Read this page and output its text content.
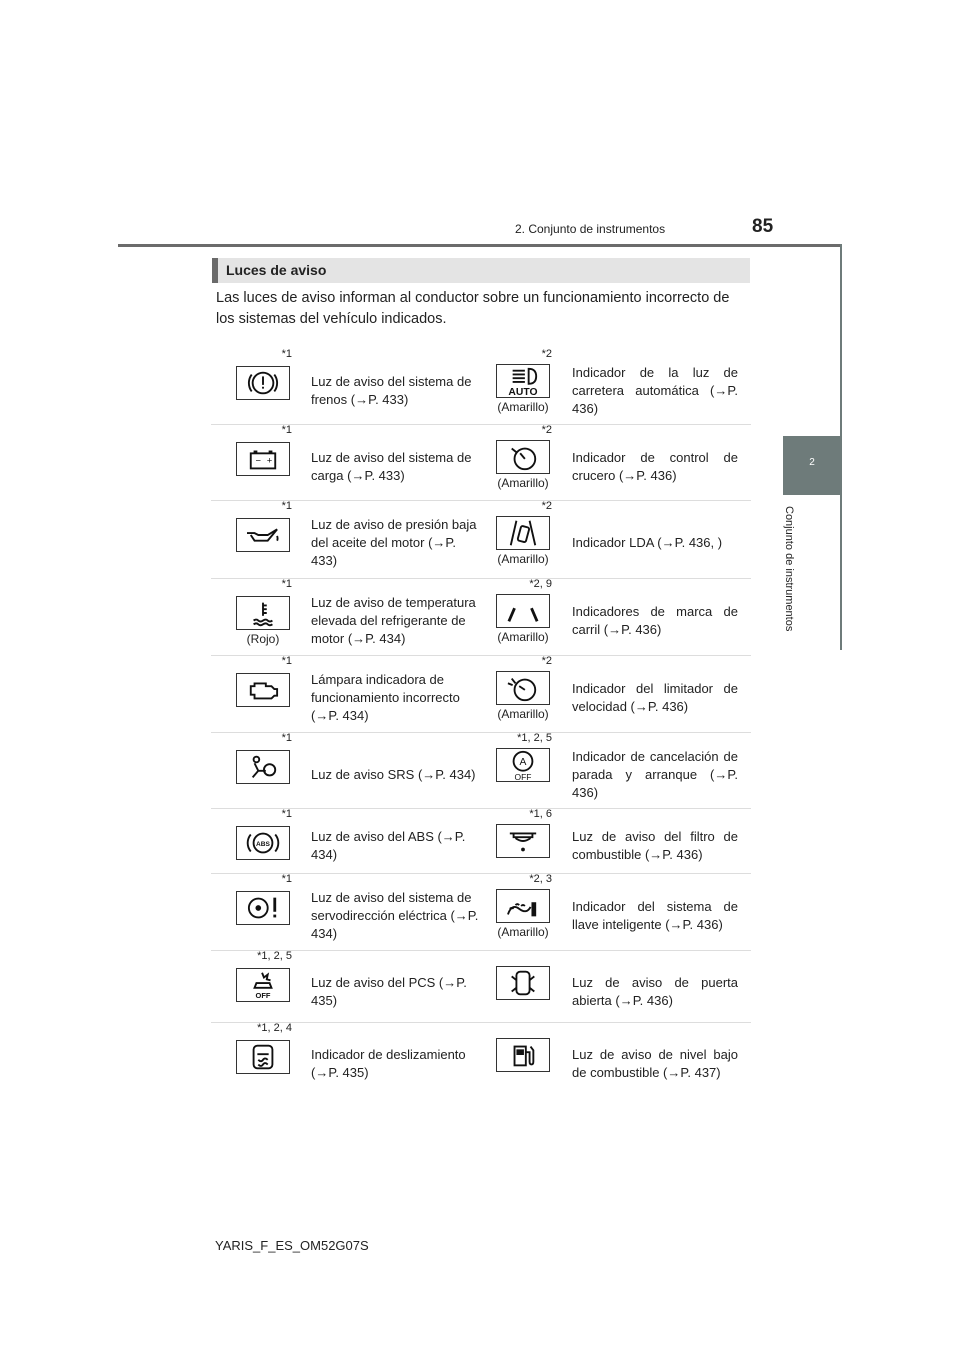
2. Conjunto de instrumentos	85
2
Conjunto de instrumentos
Luces de aviso
Las luces de aviso informan al conductor sobre un funcionamiento incorrecto de los sistemas del vehículo indicados.
*1
Luz de aviso del sistema de frenos (→P. 433)
*2
AUTO
(Amarillo)
Indicador de la luz de carretera automática (→P. 436)
*1
− +	Luz de aviso del sistema de carga (→P. 433)
*2
(Amarillo)
Indicador de control de crucero (→P. 436)
*1
Luz de aviso de presión baja del aceite del motor (→P. 433)
*2
(Amarillo)
Indicador LDA (→P. 436, )
*1
(Rojo)
Luz de aviso de temperatura elevada del refrigerante de motor (→P. 434)
*2, 9
(Amarillo)
Indicadores de marca de carril (→P. 436)
*1
Lámpara indicadora de funcionamiento incorrecto (→P. 434)
*2
(Amarillo)
Indicador del limitador de velocidad (→P. 436)
*1
Luz de aviso SRS (→P. 434)
*1, 2, 5
A
OFF
Indicador de cancelación de parada y arranque (→P. 436)
*1
ABS
Luz de aviso del ABS (→P. 434)
*1, 6
Luz de aviso del filtro de combustible (→P. 436)
*1
Luz de aviso del sistema de servodirección eléctrica (→P. 434)
*2, 3
(Amarillo)
Indicador del sistema de llave inteligente (→P. 436)
*1, 2, 5
OFF
Luz de aviso del PCS (→P. 435)
Luz de aviso de puerta abierta (→P. 436)
*1, 2, 4
Indicador de deslizamiento (→P. 435)
Luz de aviso de nivel bajo de combustible (→P. 437)
YARIS_F_ES_OM52G07S
